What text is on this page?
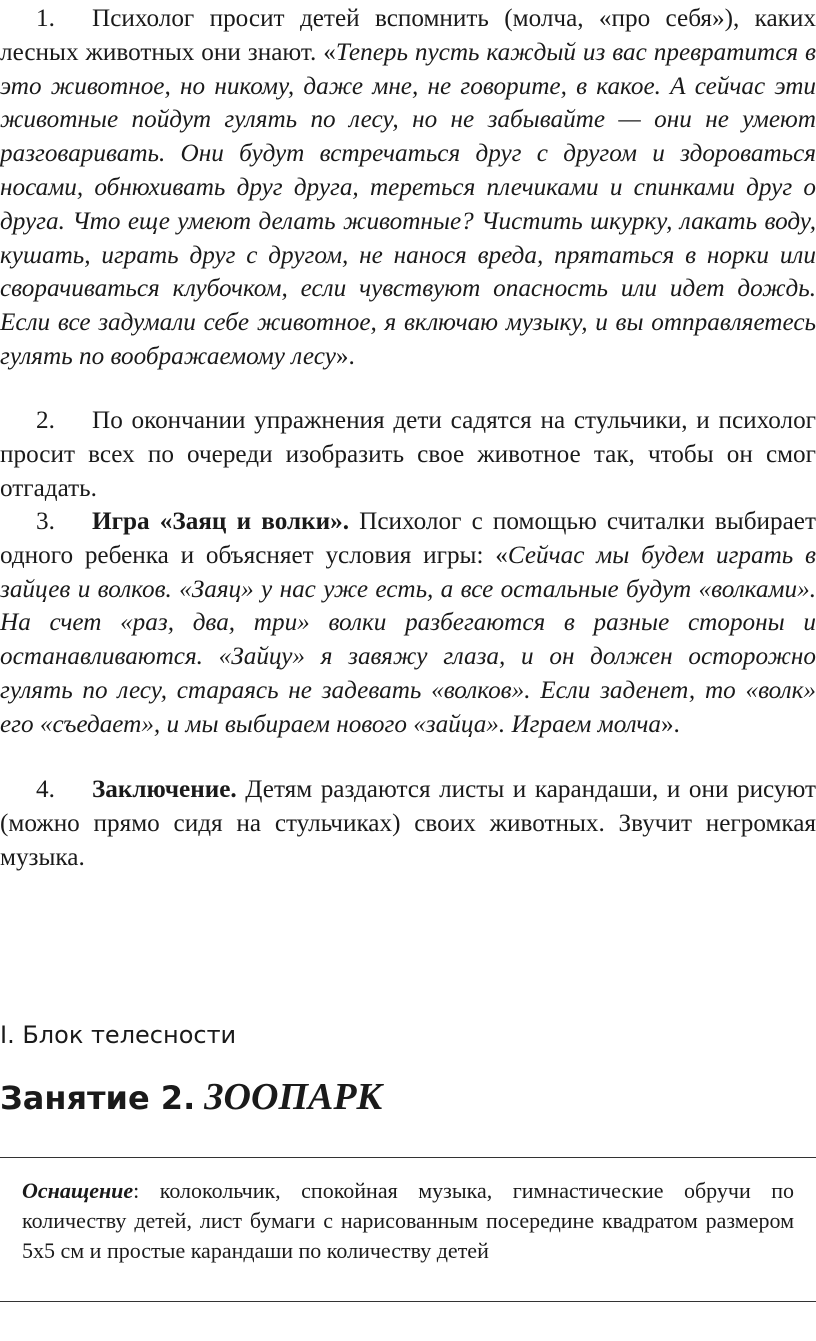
1. Психолог просит детей вспомнить (молча, «про себя»), каких лесных животных они знают. «Теперь пусть каждый из вас превратится в это животное, но никому, даже мне, не говорите, в какое. А сейчас эти животные пойдут гулять по лесу, но не забывайте — они не умеют разговаривать. Они будут встречаться друг с другом и здороваться носами, обнюхивать друг друга, тереться плечиками и спинками друг о друга. Что еще умеют делать животные? Чистить шкурку, лакать воду, кушать, играть друг с другом, не нанося вреда, прятаться в норки или сворачиваться клубочком, если чувствуют опасность или идет дождь. Если все задумали себе животное, я включаю музыку, и вы отправляетесь гулять по воображаемому лесу».

2. По окончании упражнения дети садятся на стульчики, и психолог просит всех по очереди изобразить свое животное так, чтобы он смог отгадать.

3. Игра «Заяц и волки». Психолог с помощью считалки выбирает одного ребенка и объясняет условия игры: «Сейчас мы будем играть в зайцев и волков. «Заяц» у нас уже есть, а все остальные будут «волками». На счет «раз, два, три» волки разбегаются в разные стороны и останавливаются. «Зайцу» я завяжу глаза, и он должен осторожно гулять по лесу, стараясь не задевать «волков». Если заденет, то «волк» его «съедает», и мы выбираем нового «зайца». Играем молча».

4. Заключение. Детям раздаются листы и карандаши, и они рисуют (можно прямо сидя на стульчиках) своих животных. Звучит негромкая музыка.

I. Блок телесности

Занятие 2. ЗООПАРК

Оснащение: колокольчик, спокойная музыка, гимнастические обручи по количеству детей, лист бумаги с нарисованным посередине квадратом размером 5х5 см и простые карандаши по количеству детей
